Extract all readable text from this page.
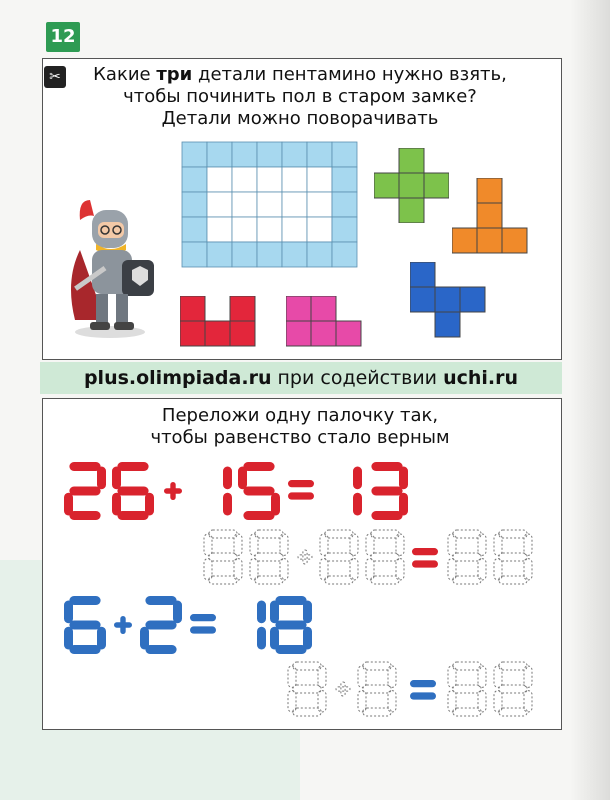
12
✂	Какие три детали пентамино нужно взять,
чтобы починить пол в старом замке?
Детали можно поворачивать
plus.olimpiada.ru при содействии uchi.ru
Переложи одну палочку так,
чтобы равенство стало верным
